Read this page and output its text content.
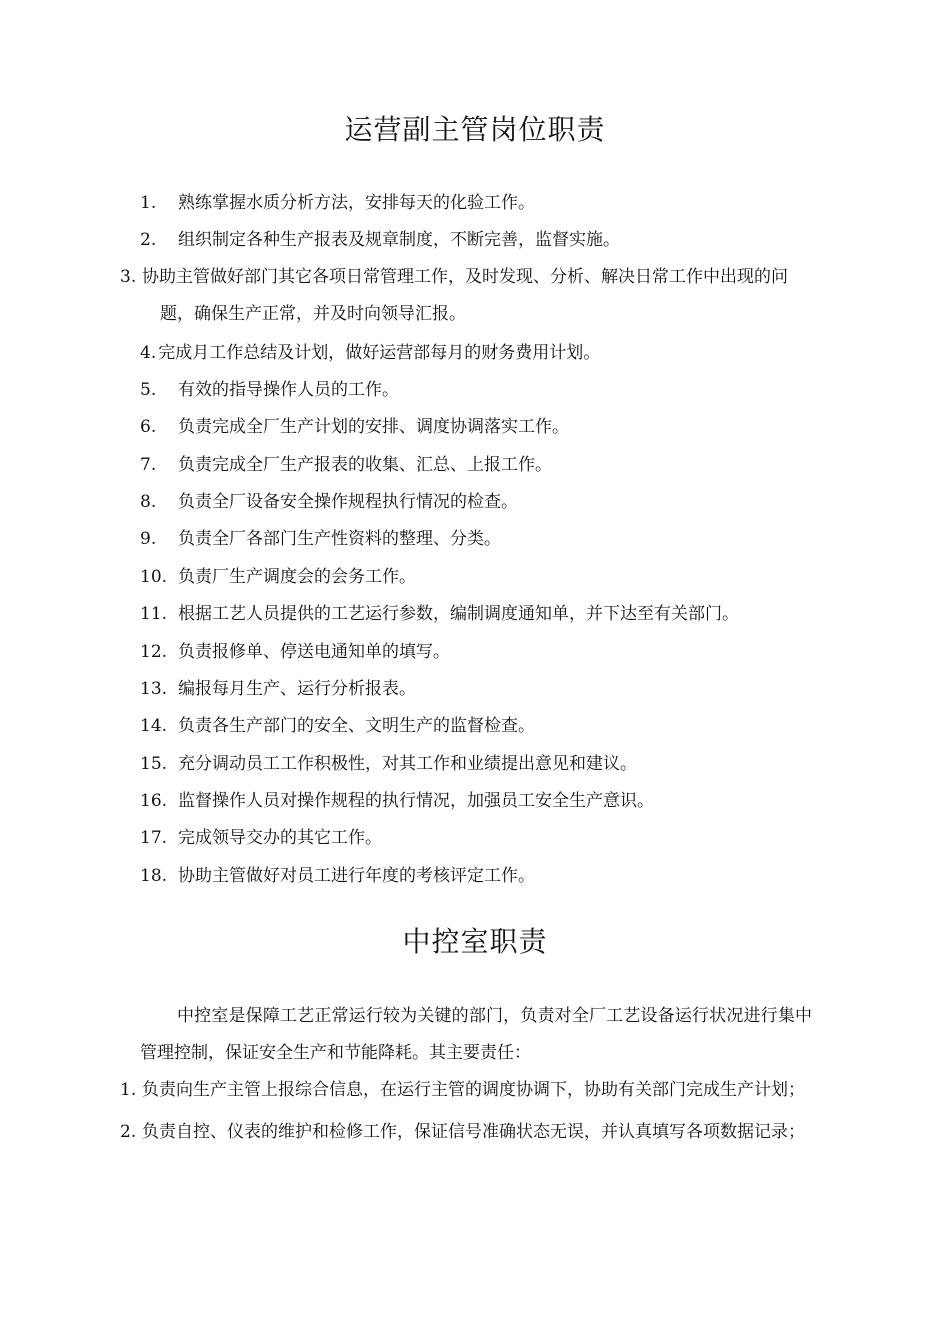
运营副主管岗位职责
1. 熟练掌握水质分析方法，安排每天的化验工作。
2. 组织制定各种生产报表及规章制度，不断完善，监督实施。
3. 协助主管做好部门其它各项日常管理工作，及时发现、分析、解决日常工作中出现的问题，确保生产正常，并及时向领导汇报。
4. 完成月工作总结及计划，做好运营部每月的财务费用计划。
5. 有效的指导操作人员的工作。
6. 负责完成全厂生产计划的安排、调度协调落实工作。
7. 负责完成全厂生产报表的收集、汇总、上报工作。
8. 负责全厂设备安全操作规程执行情况的检查。
9. 负责全厂各部门生产性资料的整理、分类。
10. 负责厂生产调度会的会务工作。
11. 根据工艺人员提供的工艺运行参数，编制调度通知单，并下达至有关部门。
12. 负责报修单、停送电通知单的填写。
13. 编报每月生产、运行分析报表。
14. 负责各生产部门的安全、文明生产的监督检查。
15. 充分调动员工工作积极性，对其工作和业绩提出意见和建议。
16. 监督操作人员对操作规程的执行情况，加强员工安全生产意识。
17. 完成领导交办的其它工作。
18. 协助主管做好对员工进行年度的考核评定工作。
中控室职责

中控室是保障工艺正常运行较为关键的部门，负责对全厂工艺设备运行状况进行集中管理控制，保证安全生产和节能降耗。其主要责任：

1. 负责向生产主管上报综合信息，在运行主管的调度协调下，协助有关部门完成生产计划；
2. 负责自控、仪表的维护和检修工作，保证信号准确状态无误，并认真填写各项数据记录；
